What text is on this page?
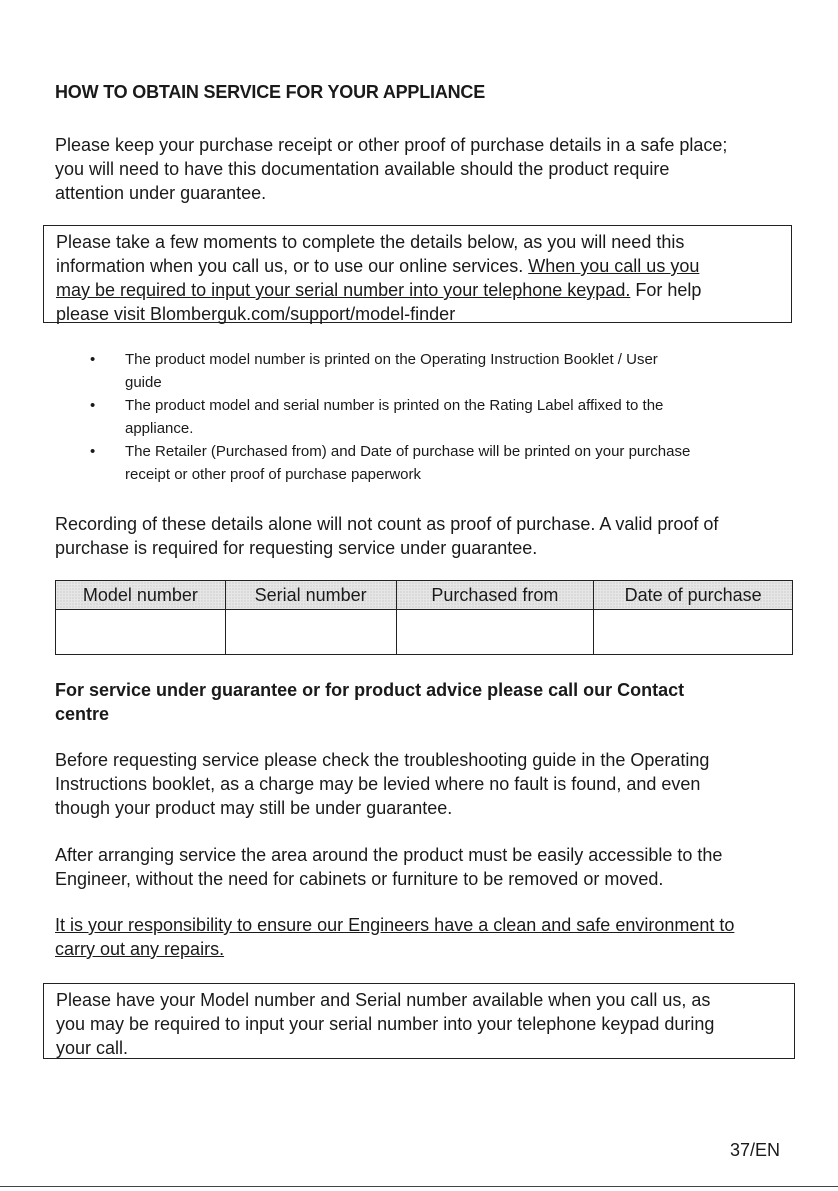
HOW TO OBTAIN SERVICE FOR YOUR APPLIANCE

Please keep your purchase receipt or other proof of purchase details in a safe place;

you will need to have this documentation available should the product require

attention under guarantee.

Please take a few moments to complete the details below, as you will need this

information when you call us, or to use our online services. When you call us you

may be required to input your serial number into your telephone keypad. For help

please visit Blomberguk.com/support/model-finder

• The product model number is printed on the Operating Instruction Booklet / User
guide
• The product model and serial number is printed on the Rating Label affixed to the
appliance.
• The Retailer (Purchased from) and Date of purchase will be printed on your purchase
receipt or other proof of purchase paperwork

Recording of these details alone will not count as proof of purchase. A valid proof of

purchase is required for requesting service under guarantee.

Model number	Serial number	Purchased from	Date of purchase

For service under guarantee or for product advice please call our Contact
centre

Before requesting service please check the troubleshooting guide in the Operating

Instructions booklet, as a charge may be levied where no fault is found, and even

though your product may still be under guarantee.

After arranging service the area around the product must be easily accessible to the

Engineer, without the need for cabinets or furniture to be removed or moved.

It is your responsibility to ensure our Engineers have a clean and safe environment to

carry out any repairs.

Please have your Model number and Serial number available when you call us, as

you may be required to input your serial number into your telephone keypad during

your call.

37/EN
